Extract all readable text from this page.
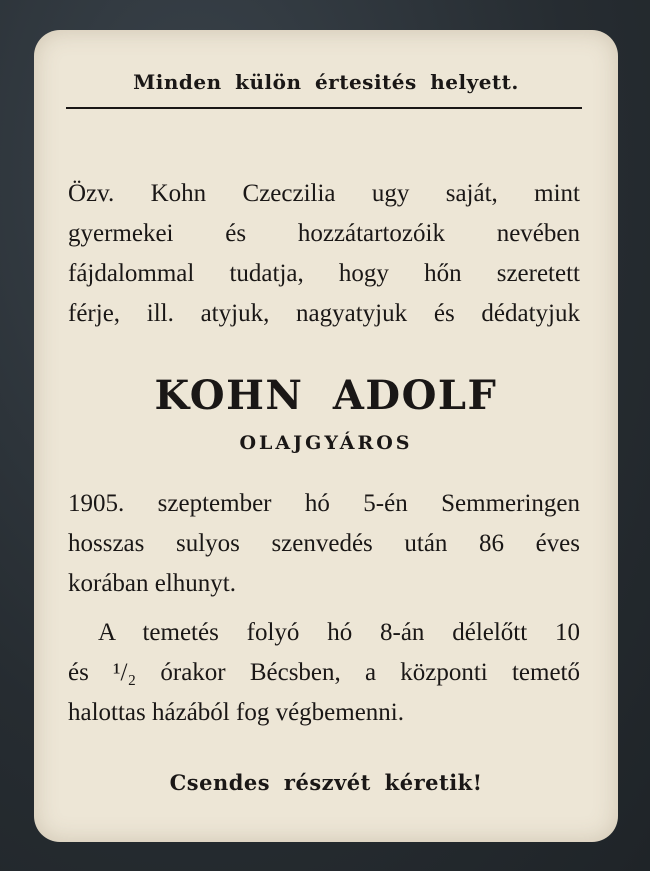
Minden külön értesités helyett.
Özv. Kohn Czeczilia ugy saját, mint
gyermekei és hozzátartozóik nevében
fájdalommal tudatja, hogy hőn szeretett
férje, ill. atyjuk, nagyatyjuk és dédatyjuk
KOHN ADOLF
OLAJGYÁROS
1905. szeptember hó 5-én Semmeringen
hosszas sulyos szenvedés után 86 éves
korában elhunyt.
A temetés folyó hó 8-án délelőtt 10
és ¹/₂ órakor Bécsben, a központi temető
halottas házából fog végbemenni.
Csendes részvét kéretik!
